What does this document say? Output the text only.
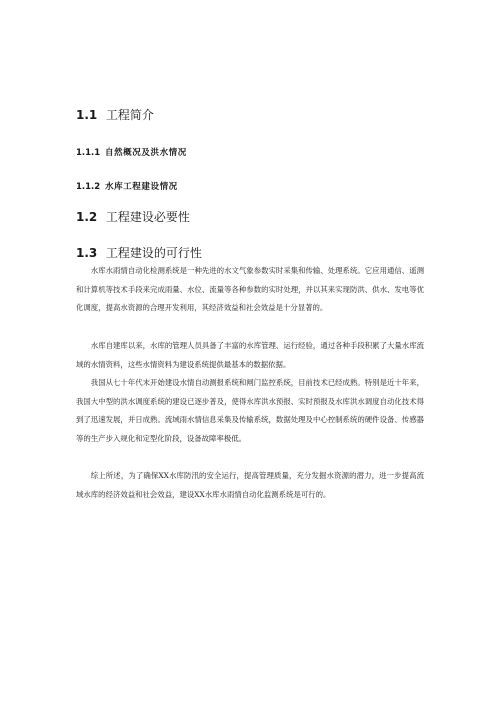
1.1 工程简介
1.1.1 自然概况及洪水情况
1.1.2 水库工程建设情况
1.2 工程建设必要性
1.3 工程建设的可行性

水库水雨情自动化检测系统是一种先进的水文气象参数实时采集和传输、处理系统。它应用通信、遥测和计算机等技术手段来完成雨量、水位、流量等各种参数的实时处理，并以其来实现防洪、供水、发电等优化调度，提高水资源的合理开发利用，其经济效益和社会效益是十分显著的。

水库自建库以来，水库的管理人员具备了丰富的水库管理、运行经验，通过各种手段积累了大量水库流域的水情资料，这些水情资料为建设系统提供最基本的数据依据。

我国从七十年代末开始建设水情自动测报系统和闸门监控系统，目前技术已经成熟。特别是近十年来，我国大中型的洪水调度系统的建设已逐步普及，使得水库洪水预报、实时预报及水库洪水调度自动化技术得到了迅速发展，并日成熟。流域雨水情信息采集及传输系统，数据处理及中心控制系统的硬件设备、传感器等的生产步入规化和定型化阶段，设备故障率极低。

综上所述，为了确保XX水库防汛的安全运行，提高管理质量，充分发掘水资源的潜力，进一步提高流域水库的经济效益和社会效益，建设XX水库水雨情自动化监测系统是可行的。
